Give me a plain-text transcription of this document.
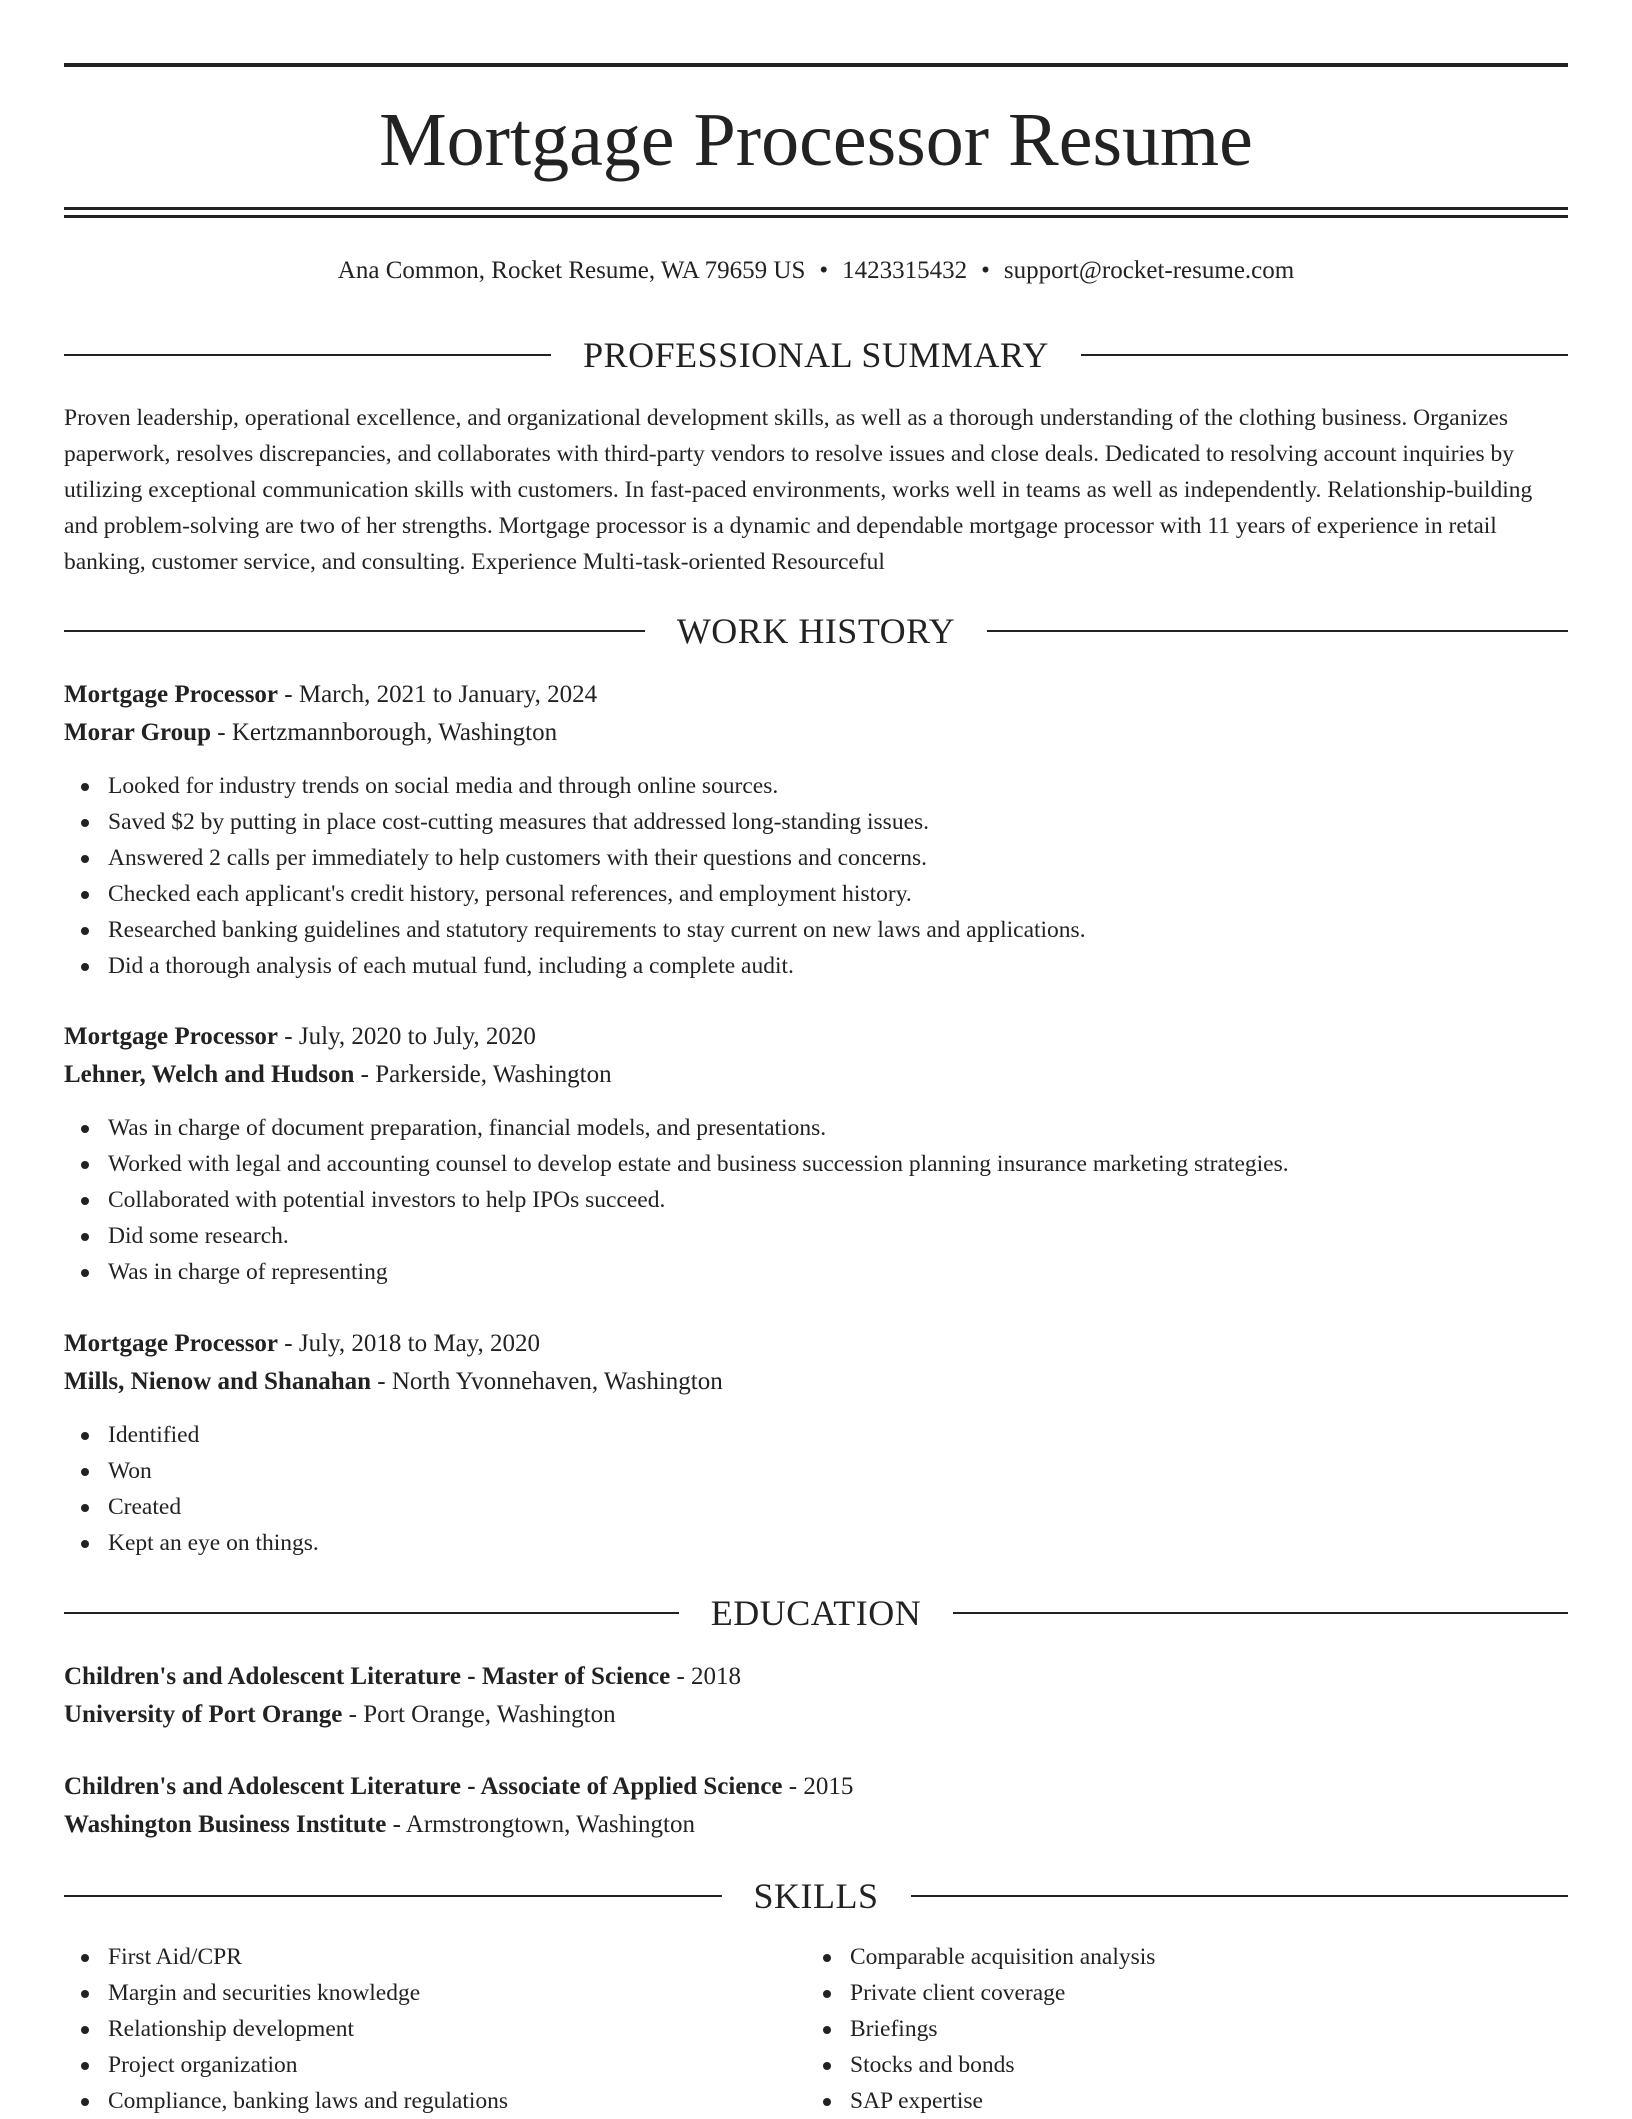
Mortgage Processor Resume
Ana Common, Rocket Resume, WA 79659 US • 1423315432 • support@rocket-resume.com
PROFESSIONAL SUMMARY

Proven leadership, operational excellence, and organizational development skills, as well as a thorough understanding of the clothing business. Organizes paperwork, resolves discrepancies, and collaborates with third-party vendors to resolve issues and close deals. Dedicated to resolving account inquiries by utilizing exceptional communication skills with customers. In fast-paced environments, works well in teams as well as independently. Relationship-building and problem-solving are two of her strengths. Mortgage processor is a dynamic and dependable mortgage processor with 11 years of experience in retail banking, customer service, and consulting. Experience Multi-task-oriented Resourceful

WORK HISTORY
Mortgage Processor - March, 2021 to January, 2024
Morar Group - Kertzmannborough, Washington
Looked for industry trends on social media and through online sources.
Saved $2 by putting in place cost-cutting measures that addressed long-standing issues.
Answered 2 calls per immediately to help customers with their questions and concerns.
Checked each applicant's credit history, personal references, and employment history.
Researched banking guidelines and statutory requirements to stay current on new laws and applications.
Did a thorough analysis of each mutual fund, including a complete audit.
Mortgage Processor - July, 2020 to July, 2020
Lehner, Welch and Hudson - Parkerside, Washington
Was in charge of document preparation, financial models, and presentations.
Worked with legal and accounting counsel to develop estate and business succession planning insurance marketing strategies.
Collaborated with potential investors to help IPOs succeed.
Did some research.
Was in charge of representing
Mortgage Processor - July, 2018 to May, 2020
Mills, Nienow and Shanahan - North Yvonnehaven, Washington
Identified
Won
Created
Kept an eye on things.
EDUCATION
Children's and Adolescent Literature - Master of Science - 2018
University of Port Orange - Port Orange, Washington
Children's and Adolescent Literature - Associate of Applied Science - 2015
Washington Business Institute - Armstrongtown, Washington
SKILLS
First Aid/CPR
Margin and securities knowledge
Relationship development
Project organization
Compliance, banking laws and regulations
Comparable acquisition analysis
Private client coverage
Briefings
Stocks and bonds
SAP expertise
